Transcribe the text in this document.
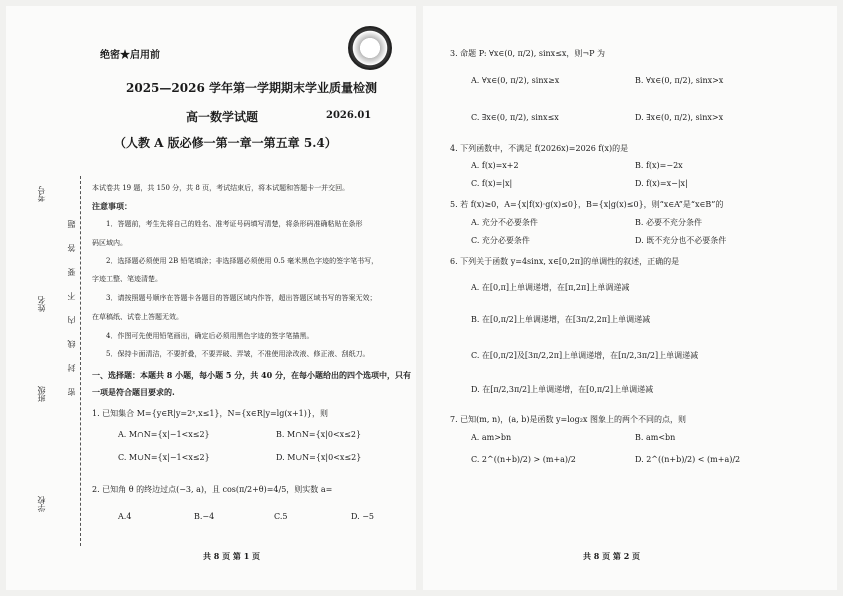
考号
姓名
班级
学校
密　封　线　内　不　要　答　题
绝密★启用前
2025—2026 学年第一学期期末学业质量检测
高一数学试题	2026.01
（人教 A 版必修一第一章一第五章 5.4）
本试卷共 19 题，共 150 分，共 8 页，考试结束后，将本试题和答题卡一并交回。
注意事项：
1．答题前，考生先将自己的姓名、准考证号码填写清楚，将条形码准确粘贴在条形
码区域内。
2．选择题必须使用 2B 铅笔填涂；非选择题必须使用 0.5 毫米黑色字迹的签字笔书写，
字迹工整、笔迹清楚。
3．请按照题号顺序在答题卡各题目的答题区域内作答，超出答题区域书写的答案无效；
在草稿纸、试卷上答题无效。
4．作图可先使用铅笔画出，确定后必须用黑色字迹的签字笔描黑。
5．保持卡面清洁，不要折叠，不要弄破、弄皱，不准使用涂改液、修正液、刮纸刀。
一、选择题：本题共 8 小题，每小题 5 分，共 40 分，在每小题给出的四个选项中，只有
一项是符合题目要求的.
1. 已知集合 M={y∈R|y=2ˣ,x≤1}，N={x∈R|y=lg(x+1)}，则
A. M∩N={x|−1<x≤2}	B. M∩N={x|0<x≤2}
C. M∪N={x|−1<x≤2}	D. M∪N={x|0<x≤2}
2. 已知角 θ 的终边过点(−3, a)，且 cos(π/2+θ)=4/5，则实数 a=
A.4	B.−4	C.5	D. −5
共 8 页 第 1 页
3. 命题 P: ∀x∈(0, π/2), sinx≤x，则¬P 为
A. ∀x∈(0, π/2), sinx≥x	B. ∀x∈(0, π/2), sinx>x
C. ∃x∈(0, π/2), sinx≤x	D. ∃x∈(0, π/2), sinx>x
4. 下列函数中，不满足 f(2026x)=2026 f(x)的是
A. f(x)=x+2	B. f(x)=−2x
C. f(x)=|x|	D. f(x)=x−|x|
5. 若 f(x)≥0，A={x|f(x)·g(x)≤0}，B={x|g(x)≤0}，则“x∈A”是“x∈B”的
A. 充分不必要条件	B. 必要不充分条件
C. 充分必要条件	D. 既不充分也不必要条件
6. 下列关于函数 y=4sinx, x∈[0,2π]的单调性的叙述，正确的是
A. 在[0,π]上单调递增，在[π,2π]上单调递减
B. 在[0,π/2]上单调递增，在[3π/2,2π]上单调递减
C. 在[0,π/2]及[3π/2,2π]上单调递增，在[π/2,3π/2]上单调递减
D. 在[π/2,3π/2]上单调递增，在[0,π/2]上单调递减
7. 已知(m, n)，(a, b)是函数 y=log₂x 图象上的两个不同的点，则
A. am>bn	B. am<bn
C. 2^((n+b)/2) > (m+a)/2	D. 2^((n+b)/2) < (m+a)/2
共 8 页 第 2 页
